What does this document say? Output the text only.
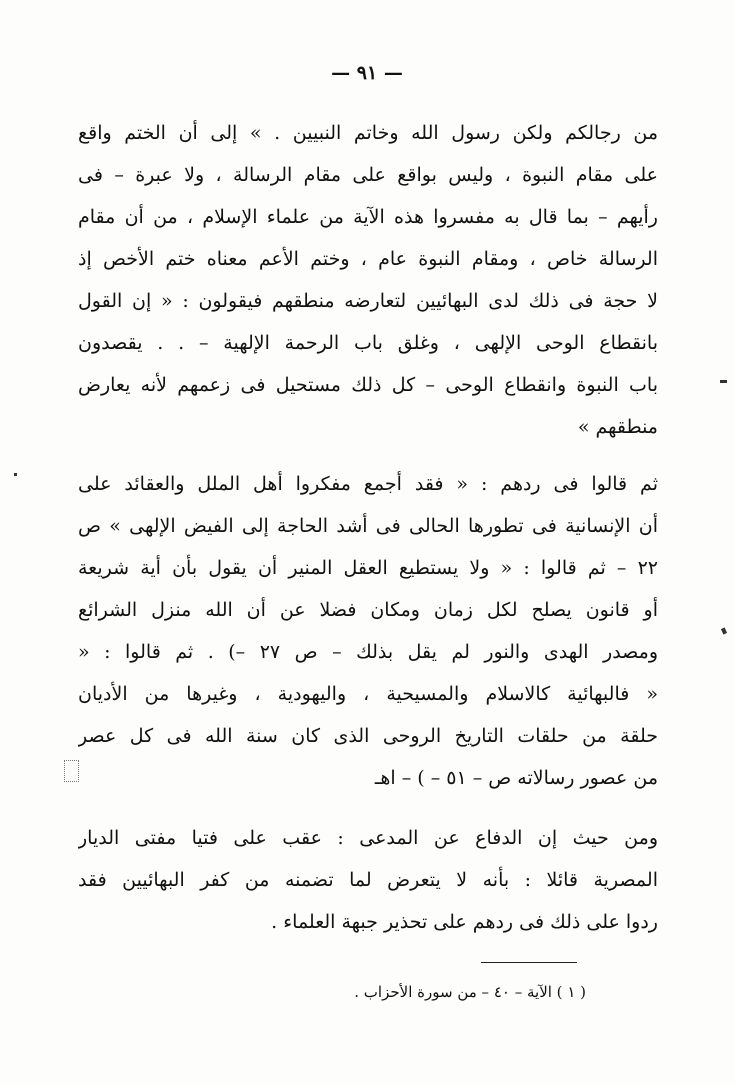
— ٩١ —
من رجالكم ولكن رسول الله وخاتم النبيين . » إلى أن الختم واقع
على مقام النبوة ، وليس بواقع على مقام الرسالة ، ولا عبرة – فى
رأيهم – بما قال به مفسروا هذه الآية من علماء الإسلام ، من أن مقام
الرسالة خاص ، ومقام النبوة عام ، وختم الأعم معناه ختم الأخص إذ
لا حجة فى ذلك لدى البهائيين لتعارضه منطقهم فيقولون : « إن القول
بانقطاع الوحى الإلهى ، وغلق باب الرحمة الإلهية – . . يقصدون
باب النبوة وانقطاع الوحى – كل ذلك مستحيل فى زعمهم لأنه يعارض
منطقهم »
ثم قالوا فى ردهم : « فقد أجمع مفكروا أهل الملل والعقائد على
أن الإنسانية فى تطورها الحالى فى أشد الحاجة إلى الفيض الإلهى » ص
٢٢ – ثم قالوا : « ولا يستطيع العقل المنير أن يقول بأن أية شريعة
أو قانون يصلح لكل زمان ومكان فضلا عن أن الله منزل الشرائع
ومصدر الهدى والنور لم يقل بذلك – ص ٢٧ –) . ثم قالوا : «
« فالبهائية كالاسلام والمسيحية ، واليهودية ، وغيرها من الأديان
حلقة من حلقات التاريخ الروحى الذى كان سنة الله فى كل عصر
من عصور رسالاته ص – ٥١ – ) – اهـ
ومن حيث إن الدفاع عن المدعى : عقب على فتيا مفتى الديار
المصرية قائلا : بأنه لا يتعرض لما تضمنه من كفر البهائيين فقد
ردوا على ذلك فى ردهم على تحذير جبهة العلماء .
( ١ ) الآية – ٤٠ – من سورة الأحزاب .
